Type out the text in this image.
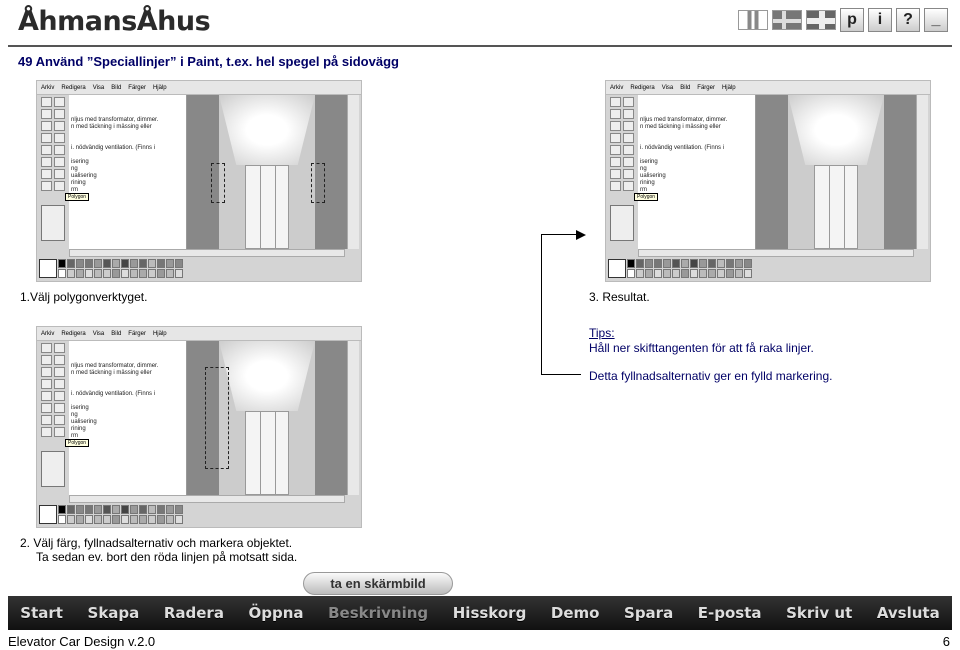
ÅhmansÅhus	p	i	?	_
49 Använd ”Speciallinjer” i Paint, t.ex. hel spegel på sidovägg
Arkiv Redigera Visa Bild Färger Hjälp
nljus med transformator, dimmer.
n med täckning i mässing eller

i. nödvändig ventilation. (Finns i

isering
ng
ualisering
rining
rm
Polygon
1.Välj polygonverktyget.
Arkiv Redigera Visa Bild Färger Hjälp
nljus med transformator, dimmer.
n med täckning i mässing eller

i. nödvändig ventilation. (Finns i

isering
ng
ualisering
rining
rm
Polygon
3. Resultat.
Tips:
Håll ner skifttangenten för att få raka linjer.
Detta fyllnadsalternativ ger en fylld markering.
Arkiv Redigera Visa Bild Färger Hjälp
nljus med transformator, dimmer.
n med täckning i mässing eller

i. nödvändig ventilation. (Finns i

isering
ng
ualisering
rining
rm
Polygon
2. Välj färg, fyllnadsalternativ och markera objektet.
Ta sedan ev. bort den röda linjen på motsatt sida.
ta en skärmbild
Start Skapa Radera Öppna Beskrivning Hisskorg Demo Spara E-posta Skriv ut Avsluta
Elevator Car Design v.2.0	6
